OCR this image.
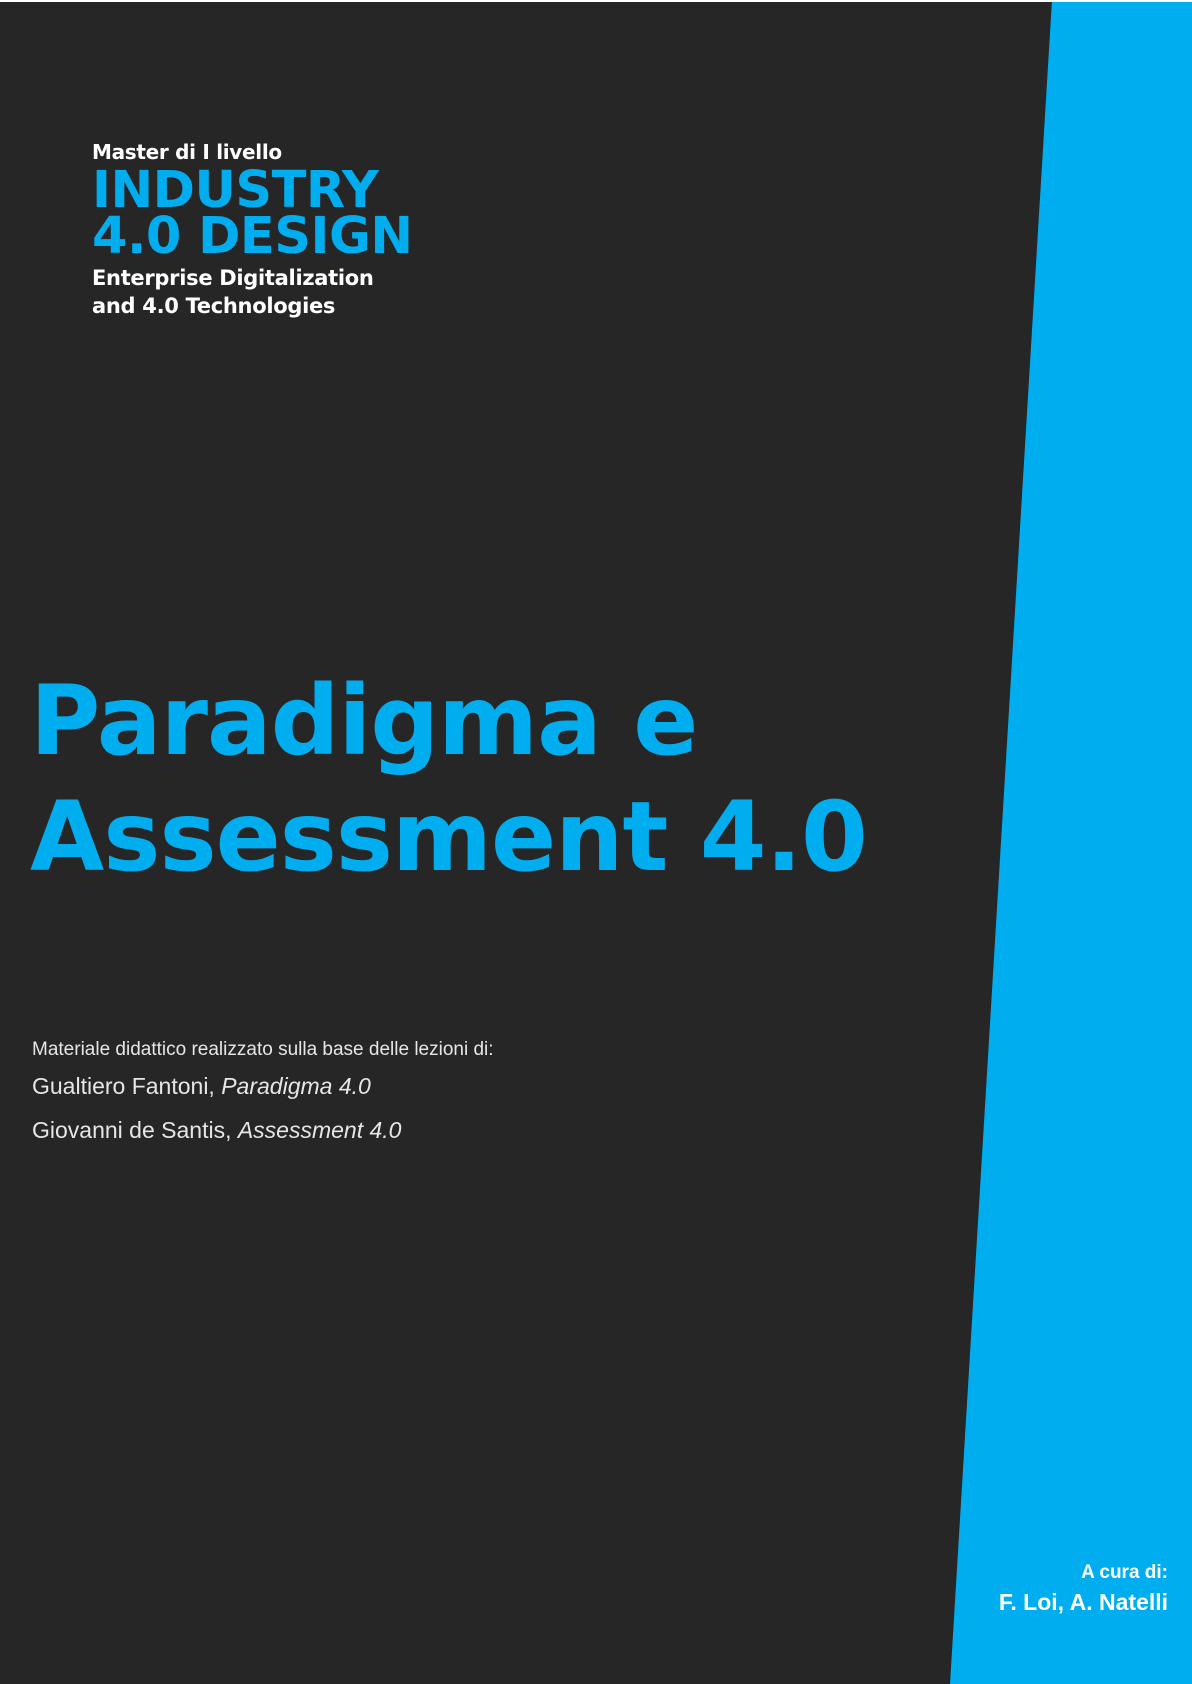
Master di I livello
INDUSTRY
4.0 DESIGN
Enterprise Digitalization
and 4.0 Technologies
Paradigma e
Assessment 4.0
Materiale didattico realizzato sulla base delle lezioni di:
Gualtiero Fantoni, Paradigma 4.0
Giovanni de Santis, Assessment 4.0
A cura di:
F. Loi, A. Natelli
